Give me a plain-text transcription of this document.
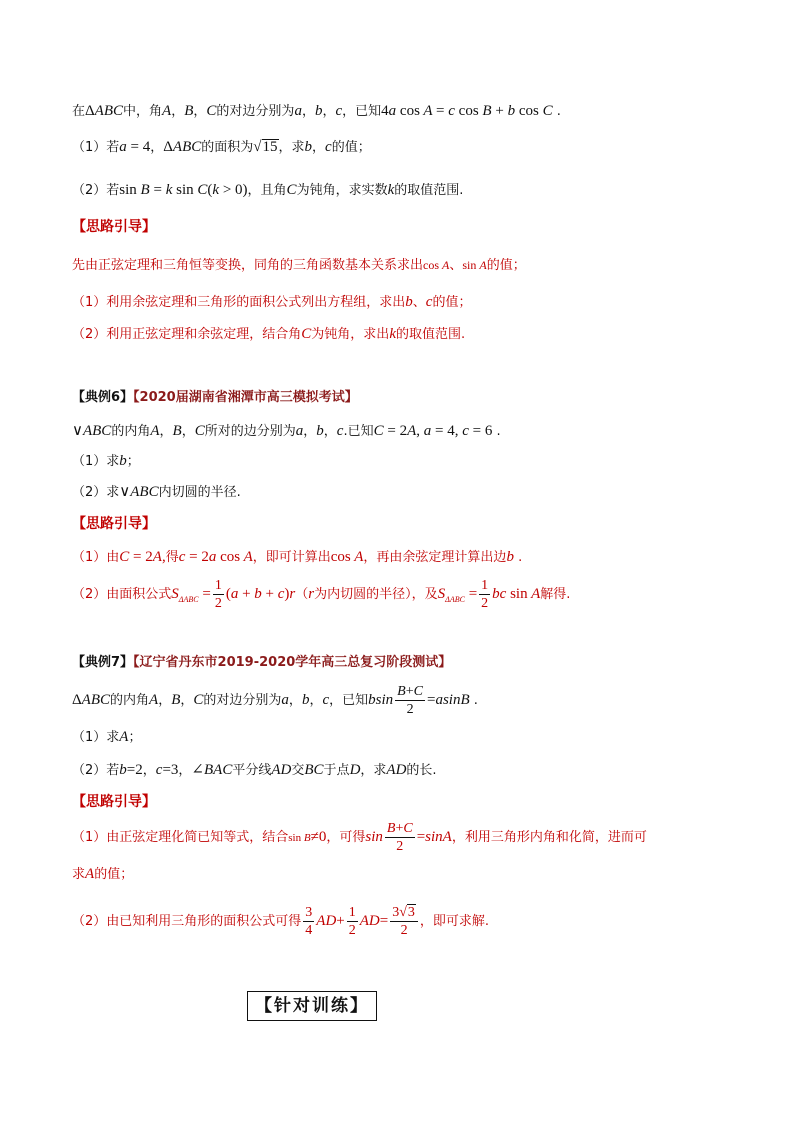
在ΔABC中，角A，B，C的对边分别为a，b，c，已知4a cos A = c cos B + b cos C .
（1）若a = 4，ΔABC的面积为√15，求b，c的值；
（2）若sin B = k sin C(k > 0)，且角C为钝角，求实数k的取值范围.
【思路引导】
先由正弦定理和三角恒等变换，同角的三角函数基本关系求出cos A、sin A的值；
（1）利用余弦定理和三角形的面积公式列出方程组，求出b、c的值；
（2）利用正弦定理和余弦定理，结合角C为钝角，求出k的取值范围.
【典例6】【2020届湖南省湘潭市高三模拟考试】
∨ABC的内角A，B，C所对的边分别为a，b，c.已知C = 2A, a = 4, c = 6 .
（1）求b；
（2）求∨ABC内切圆的半径.
【思路引导】
（1）由C = 2A,得c = 2a cos A，即可计算出cos A，再由余弦定理计算出边b .
（2）由面积公式$S_{\Delta ABC} = \frac{1}{2} (a + b + c)r(r$为内切圆的半径），及$S_{\Delta ABC} = \frac{1}{2}$ bc sin A解得.
【典例7】【辽宁省丹东市2019-2020学年高三总复习阶段测试】
ΔABC的内角A，B，C的对边分别为a，b，c，已知bsin $\frac{B+C}{2} =asinB$ .
（1）求A；
（2）若b=2，c=3，∠BAC平分线AD交BC于点D，求AD的长.
【思路引导】
（1）由正弦定理化简已知等式，结合sin B≠0，可得$\sin \frac{B+C}{2} =\sin A$，利用三角形内角和化简，进而可
求A的值；
（2）由已知利用三角形的面积公式可得 $\frac{3}{4} AD+ \frac{1}{2} AD= \frac{3√3}{2}$ ，即可求解.
【针对训练】
